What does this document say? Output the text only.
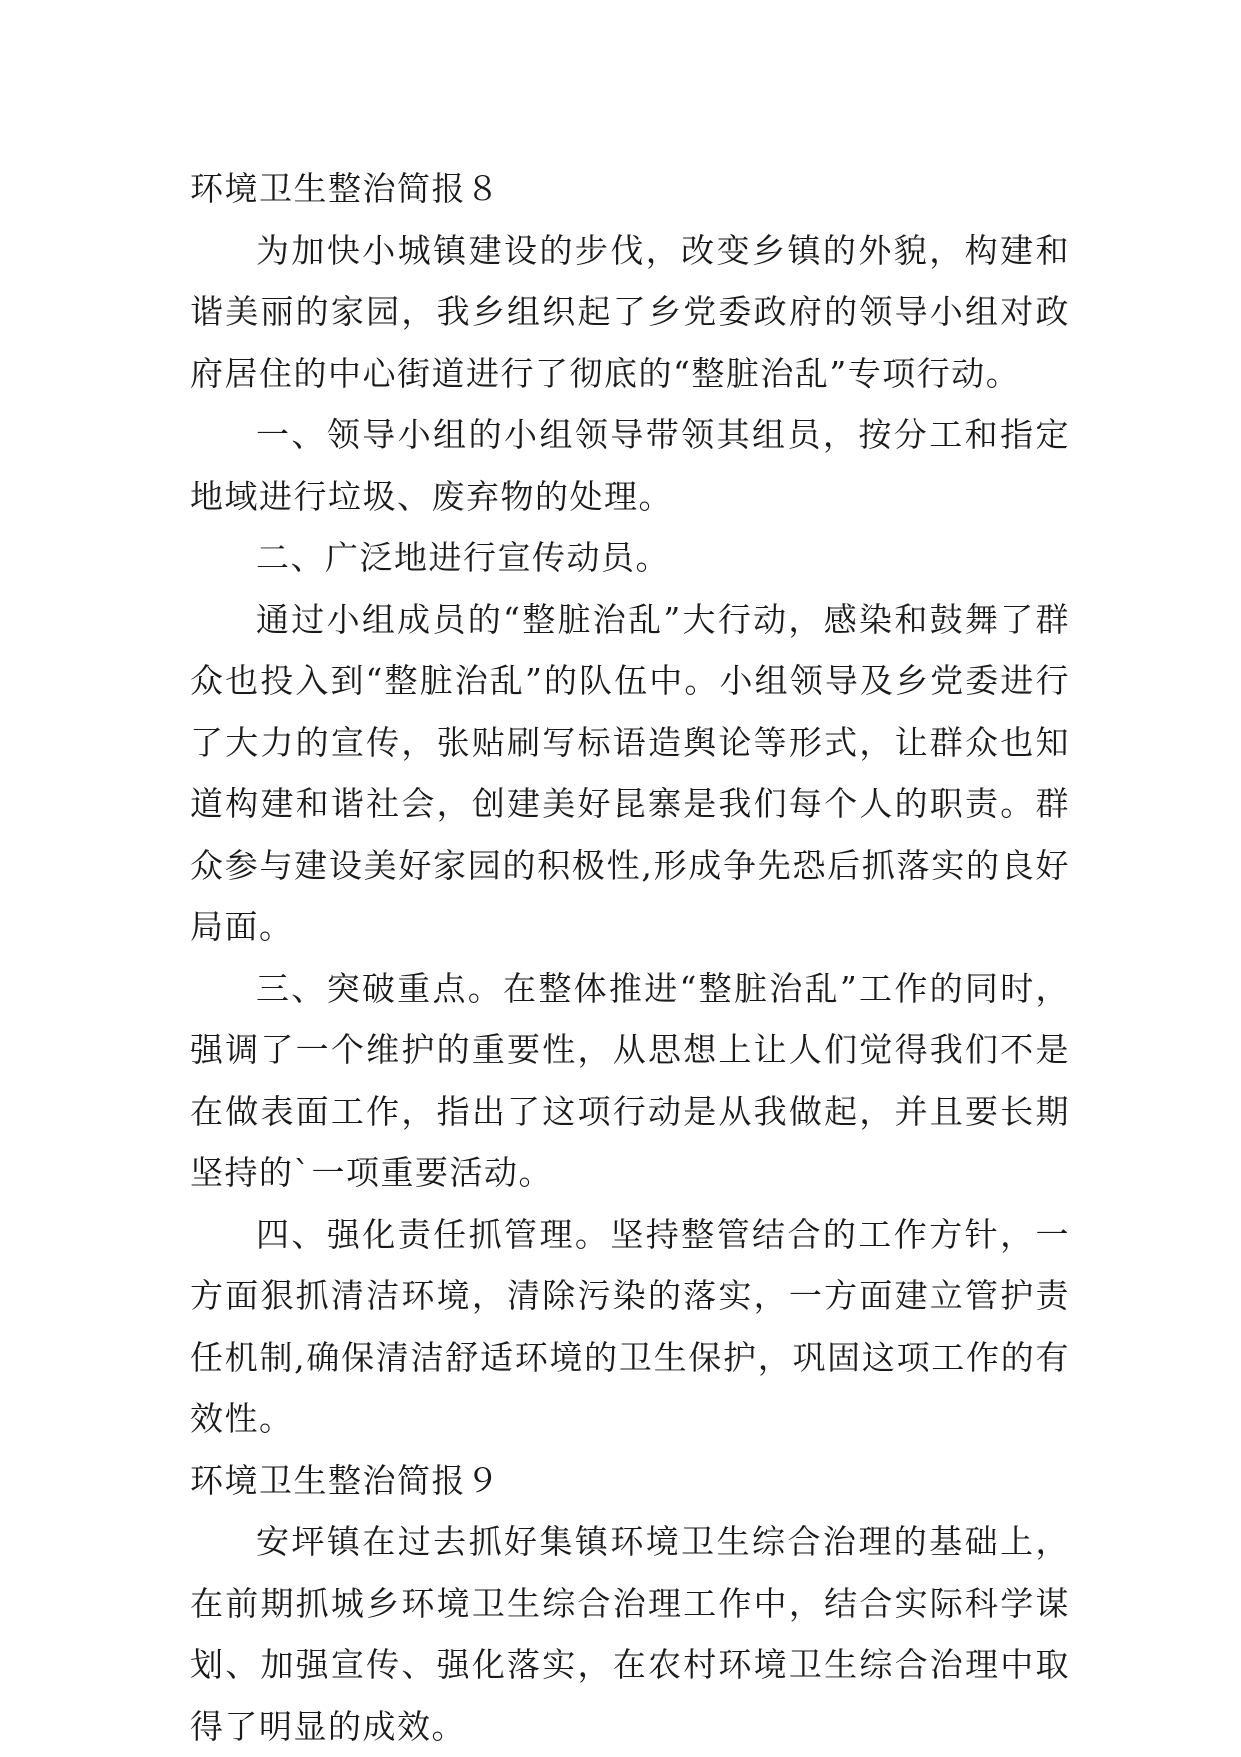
环境卫生整治简报８

为加快小城镇建设的步伐，改变乡镇的外貌，构建和谐美丽的家园，我乡组织起了乡党委政府的领导小组对政府居住的中心街道进行了彻底的“整脏治乱”专项行动。

一、领导小组的小组领导带领其组员，按分工和指定地域进行垃圾、废弃物的处理。

二、广泛地进行宣传动员。

通过小组成员的“整脏治乱”大行动，感染和鼓舞了群众也投入到“整脏治乱”的队伍中。小组领导及乡党委进行了大力的宣传，张贴刷写标语造舆论等形式，让群众也知道构建和谐社会，创建美好昆寨是我们每个人的职责。群众参与建设美好家园的积极性,形成争先恐后抓落实的良好局面。

三、突破重点。在整体推进“整脏治乱”工作的同时，强调了一个维护的重要性，从思想上让人们觉得我们不是在做表面工作，指出了这项行动是从我做起，并且要长期坚持的`一项重要活动。

四、强化责任抓管理。坚持整管结合的工作方针，一方面狠抓清洁环境，清除污染的落实，一方面建立管护责任机制,确保清洁舒适环境的卫生保护，巩固这项工作的有效性。

环境卫生整治简报９

安坪镇在过去抓好集镇环境卫生综合治理的基础上，在前期抓城乡环境卫生综合治理工作中，结合实际科学谋划、加强宣传、强化落实，在农村环境卫生综合治理中取得了明显的成效。
